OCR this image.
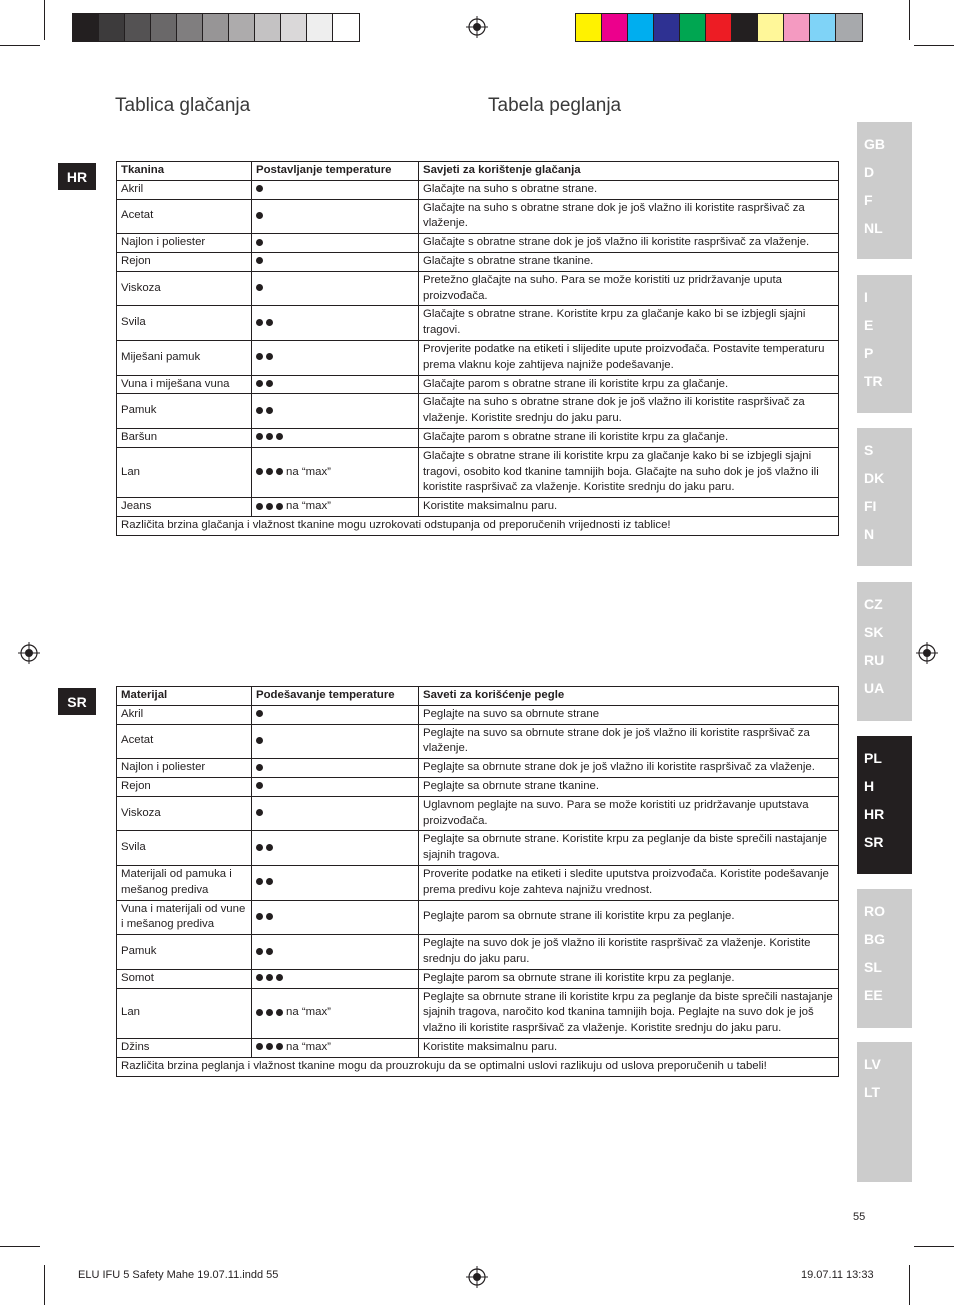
Tablica glačanja	Tabela peglanja
HR
SR
Tkanina	Postavljanje temperature	Savjeti za korištenje glačanja
Akril		Glačajte na suho s obratne strane.
Acetat		Glačajte na suho s obratne strane dok je još vlažno ili koristite raspršivač za vlaženje.
Najlon i poliester		Glačajte s obratne strane dok je još vlažno ili koristite raspršivač za vlaženje.
Rejon		Glačajte s obratne strane tkanine.
Viskoza		Pretežno glačajte na suho. Para se može koristiti uz pridržavanje uputa proizvođača.
Svila		Glačajte s obratne strane. Koristite krpu za glačanje kako bi se izbjegli sjajni tragovi.
Miješani pamuk		Provjerite podatke na etiketi i slijedite upute proizvođača. Postavite temperaturu prema vlaknu koje zahtijeva najniže podešavanje.
Vuna i miješana vuna		Glačajte parom s obratne strane ili koristite krpu za glačanje.
Pamuk		Glačajte na suho s obratne strane dok je još vlažno ili koristite raspršivač za vlaženje. Koristite srednju do jaku paru.
Baršun		Glačajte parom s obratne strane ili koristite krpu za glačanje.
Lan	na “max”	Glačajte s obratne strane ili koristite krpu za glačanje kako bi se izbjegli sjajni tragovi, osobito kod tkanine tamnijih boja. Glačajte na suho dok je još vlažno ili koristite raspršivač za vlaženje. Koristite srednju do jaku paru.
Jeans	na “max”	Koristite maksimalnu paru.
Različita brzina glačanja i vlažnost tkanine mogu uzrokovati odstupanja od preporučenih vrijednosti iz tablice!		
Materijal	Podešavanje temperature	Saveti za korišćenje pegle
Akril		Peglajte na suvo sa obrnute strane
Acetat		Peglajte na suvo sa obrnute strane dok je još vlažno ili koristite raspršivač za vlaženje.
Najlon i poliester		Peglajte sa obrnute strane dok je još vlažno ili koristite raspršivač za vlaženje.
Rejon		Peglajte sa obrnute strane tkanine.
Viskoza		Uglavnom peglajte na suvo. Para se može koristiti uz pridržavanje uputstava proizvođača.
Svila		Peglajte sa obrnute strane. Koristite krpu za peglanje da biste sprečili nastajanje sjajnih tragova.
Materijali od pamuka i mešanog prediva		Proverite podatke na etiketi i sledite uputstva proizvođača. Koristite podešavanje prema predivu koje zahteva najnižu vrednost.
Vuna i materijali od vune i mešanog prediva		Peglajte parom sa obrnute strane ili koristite krpu za peglanje.
Pamuk		Peglajte na suvo dok je još vlažno ili koristite raspršivač za vlaženje. Koristite srednju do jaku paru.
Somot		Peglajte parom sa obrnute strane ili koristite krpu za peglanje.
Lan	na “max”	Peglajte sa obrnute strane ili koristite krpu za peglanje da biste sprečili nastajanje sjajnih tragova, naročito kod tkanina tamnijih boja. Peglajte na suvo dok je još vlažno ili koristite raspršivač za vlaženje. Koristite srednju do jaku paru.
Džins	na “max”	Koristite maksimalnu paru.
Različita brzina peglanja i vlažnost tkanine mogu da prouzrokuju da se optimalni uslovi razlikuju od uslova preporučenih u tabeli!		
GB
D
F
NL
I
E
P
TR
S
DK
FI
N
CZ
SK
RU
UA
PL
H
HR
SR
RO
BG
SL
EE
LV
LT
55
ELU IFU 5 Safety Mahe 19.07.11.indd 55	19.07.11 13:33
